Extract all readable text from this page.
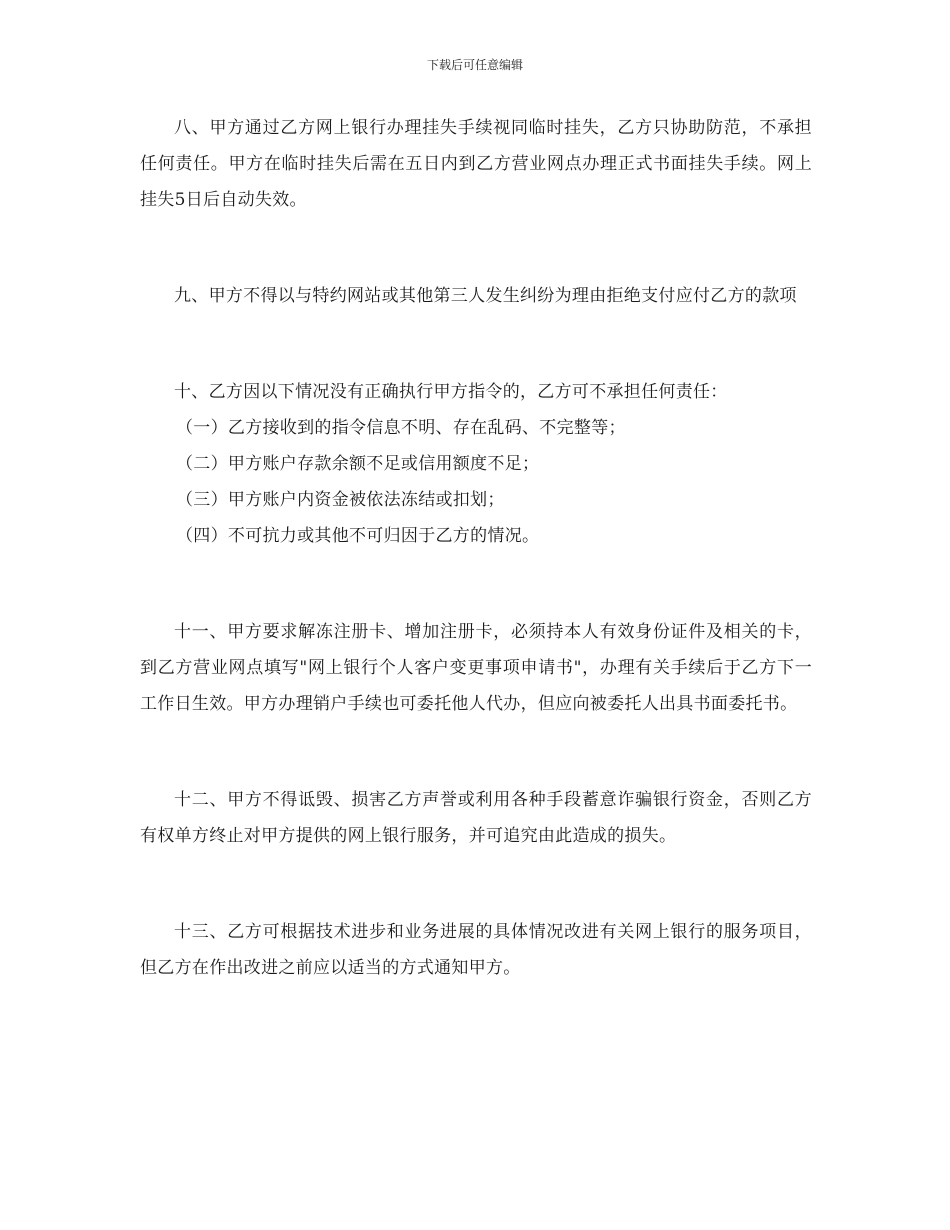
下载后可任意编辑

八、甲方通过乙方网上银行办理挂失手续视同临时挂失，乙方只协助防范，不承担任何责任。甲方在临时挂失后需在五日内到乙方营业网点办理正式书面挂失手续。网上挂失5日后自动失效。

九、甲方不得以与特约网站或其他第三人发生纠纷为理由拒绝支付应付乙方的款项

十、乙方因以下情况没有正确执行甲方指令的，乙方可不承担任何责任：

（一）乙方接收到的指令信息不明、存在乱码、不完整等；

（二）甲方账户存款余额不足或信用额度不足；

（三）甲方账户内资金被依法冻结或扣划；

（四）不可抗力或其他不可归因于乙方的情况。

十一、甲方要求解冻注册卡、增加注册卡，必须持本人有效身份证件及相关的卡，到乙方营业网点填写"网上银行个人客户变更事项申请书"，办理有关手续后于乙方下一工作日生效。甲方办理销户手续也可委托他人代办，但应向被委托人出具书面委托书。

十二、甲方不得诋毁、损害乙方声誉或利用各种手段蓄意诈骗银行资金，否则乙方有权单方终止对甲方提供的网上银行服务，并可追究由此造成的损失。

十三、乙方可根据技术进步和业务进展的具体情况改进有关网上银行的服务项目，但乙方在作出改进之前应以适当的方式通知甲方。
